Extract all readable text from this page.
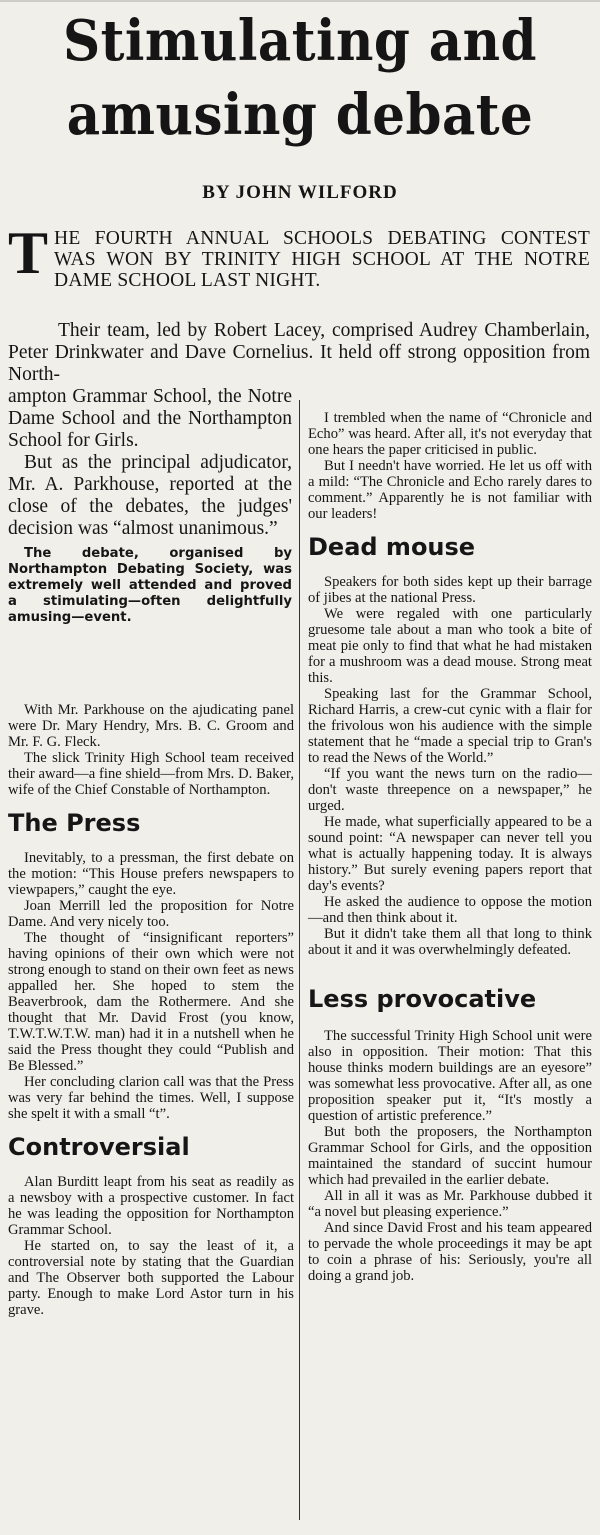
Stimulating and
amusing debate
BY JOHN WILFORD
T HE FOURTH ANNUAL SCHOOLS DEBATING CONTEST WAS WON BY TRINITY HIGH SCHOOL AT THE NOTRE DAME SCHOOL LAST NIGHT.

Their team, led by Robert Lacey, comprised Audrey Chamberlain, Peter Drinkwater and Dave Cornelius. It held off strong opposition from North-

ampton Grammar School, the Notre Dame School and the Northampton School for Girls.

But as the principal adjudicator, Mr. A. Parkhouse, reported at the close of the debates, the judges' decision was “almost unanimous.”

The debate, organised by Northampton Debating Society, was extremely well attended and proved a stimulating—often delightfully amusing—event.

With Mr. Parkhouse on the ajudicating panel were Dr. Mary Hendry, Mrs. B. C. Groom and Mr. F. G. Fleck.

The slick Trinity High School team received their award—a fine shield—from Mrs. D. Baker, wife of the Chief Constable of Northampton.

The Press

Inevitably, to a pressman, the first debate on the motion: “This House prefers newspapers to viewpapers,” caught the eye.

Joan Merrill led the proposition for Notre Dame. And very nicely too.

The thought of “insignificant reporters” having opinions of their own which were not strong enough to stand on their own feet as news appalled her. She hoped to stem the Beaverbrook, dam the Rothermere. And she thought that Mr. David Frost (you know, T.W.T.W.T.W. man) had it in a nutshell when he said the Press thought they could “Publish and Be Blessed.”

Her concluding clarion call was that the Press was very far behind the times. Well, I suppose she spelt it with a small “t”.

Controversial

Alan Burditt leapt from his seat as readily as a newsboy with a prospective customer. In fact he was leading the opposition for Northampton Grammar School.

He started on, to say the least of it, a controversial note by stating that the Guardian and The Observer both supported the Labour party. Enough to make Lord Astor turn in his grave.

I trembled when the name of “Chronicle and Echo” was heard. After all, it's not everyday that one hears the paper criticised in public.

But I needn't have worried. He let us off with a mild: “The Chronicle and Echo rarely dares to comment.” Apparently he is not familiar with our leaders!

Dead mouse

Speakers for both sides kept up their barrage of jibes at the national Press.

We were regaled with one particularly gruesome tale about a man who took a bite of meat pie only to find that what he had mistaken for a mushroom was a dead mouse. Strong meat this.

Speaking last for the Grammar School, Richard Harris, a crew-cut cynic with a flair for the frivolous won his audience with the simple statement that he “made a special trip to Gran's to read the News of the World.”

“If you want the news turn on the radio—don't waste threepence on a newspaper,” he urged.

He made, what superficially appeared to be a sound point: “A newspaper can never tell you what is actually happening today. It is always history.” But surely evening papers report that day's events?

He asked the audience to oppose the motion—and then think about it.

But it didn't take them all that long to think about it and it was overwhelmingly defeated.

Less provocative

The successful Trinity High School unit were also in opposition. Their motion: That this house thinks modern buildings are an eyesore” was somewhat less provocative. After all, as one proposition speaker put it, “It's mostly a question of artistic preference.”

But both the proposers, the Northampton Grammar School for Girls, and the opposition maintained the standard of succint humour which had prevailed in the earlier debate.

All in all it was as Mr. Parkhouse dubbed it “a novel but pleasing experience.”

And since David Frost and his team appeared to pervade the whole proceedings it may be apt to coin a phrase of his: Seriously, you're all doing a grand job.
